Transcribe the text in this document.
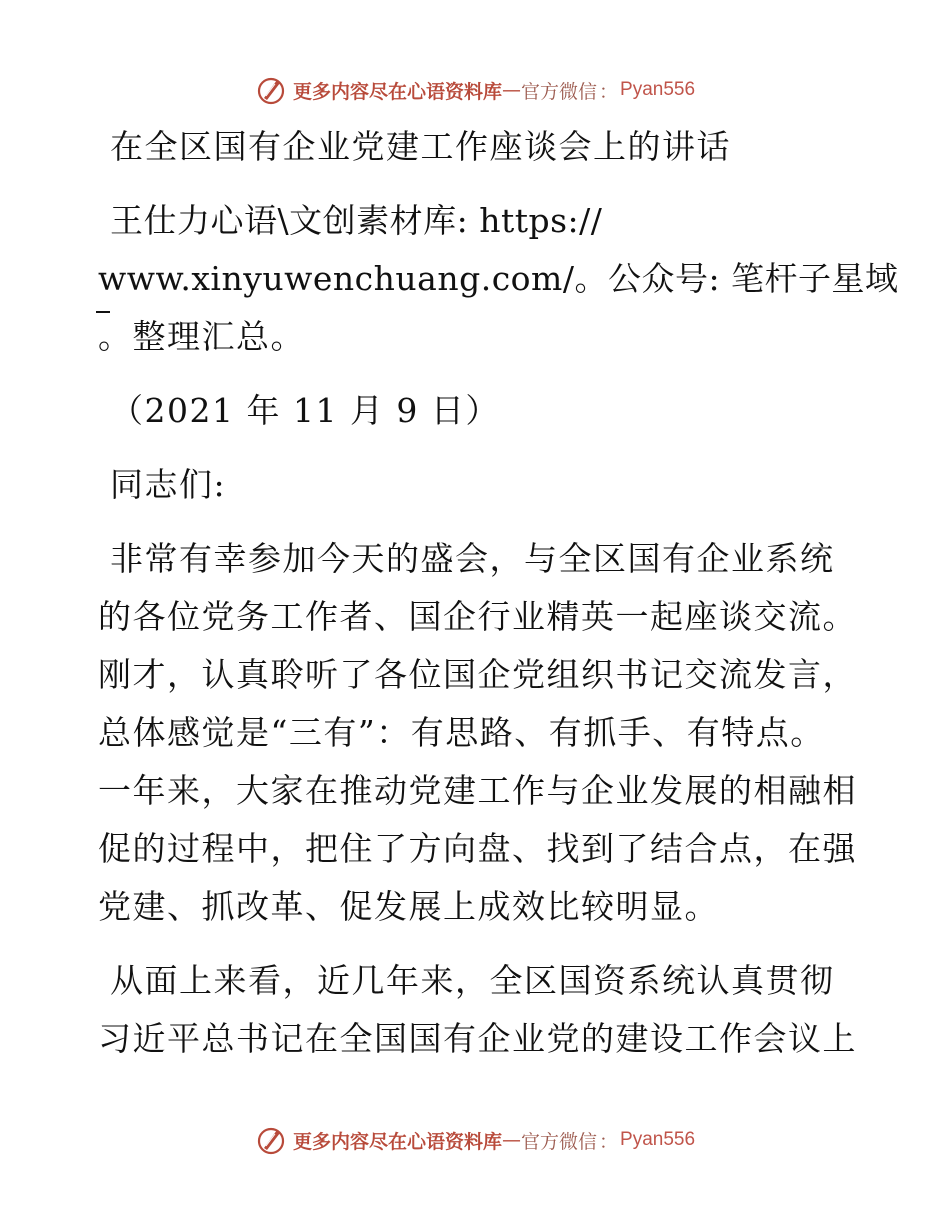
更多内容尽在心语资料库 — 官方微信 ： Pyan556
在全区国有企业党建工作座谈会上的讲话
王仕力心语\文创素材库: https://
www.xinyuwenchuang.com/。公众号: 笔杆子星域
。整理汇总。
（2021 年 11 月 9 日）
同志们:
非常有幸参加今天的盛会，与全区国有企业系统
的各位党务工作者、国企行业精英一起座谈交流。
刚才，认真聆听了各位国企党组织书记交流发言，
总体感觉是“三有”：有思路、有抓手、有特点。
一年来，大家在推动党建工作与企业发展的相融相
促的过程中，把住了方向盘、找到了结合点，在强
党建、抓改革、促发展上成效比较明显。
从面上来看，近几年来，全区国资系统认真贯彻
习近平总书记在全国国有企业党的建设工作会议上
更多内容尽在心语资料库 — 官方微信 ： Pyan556
